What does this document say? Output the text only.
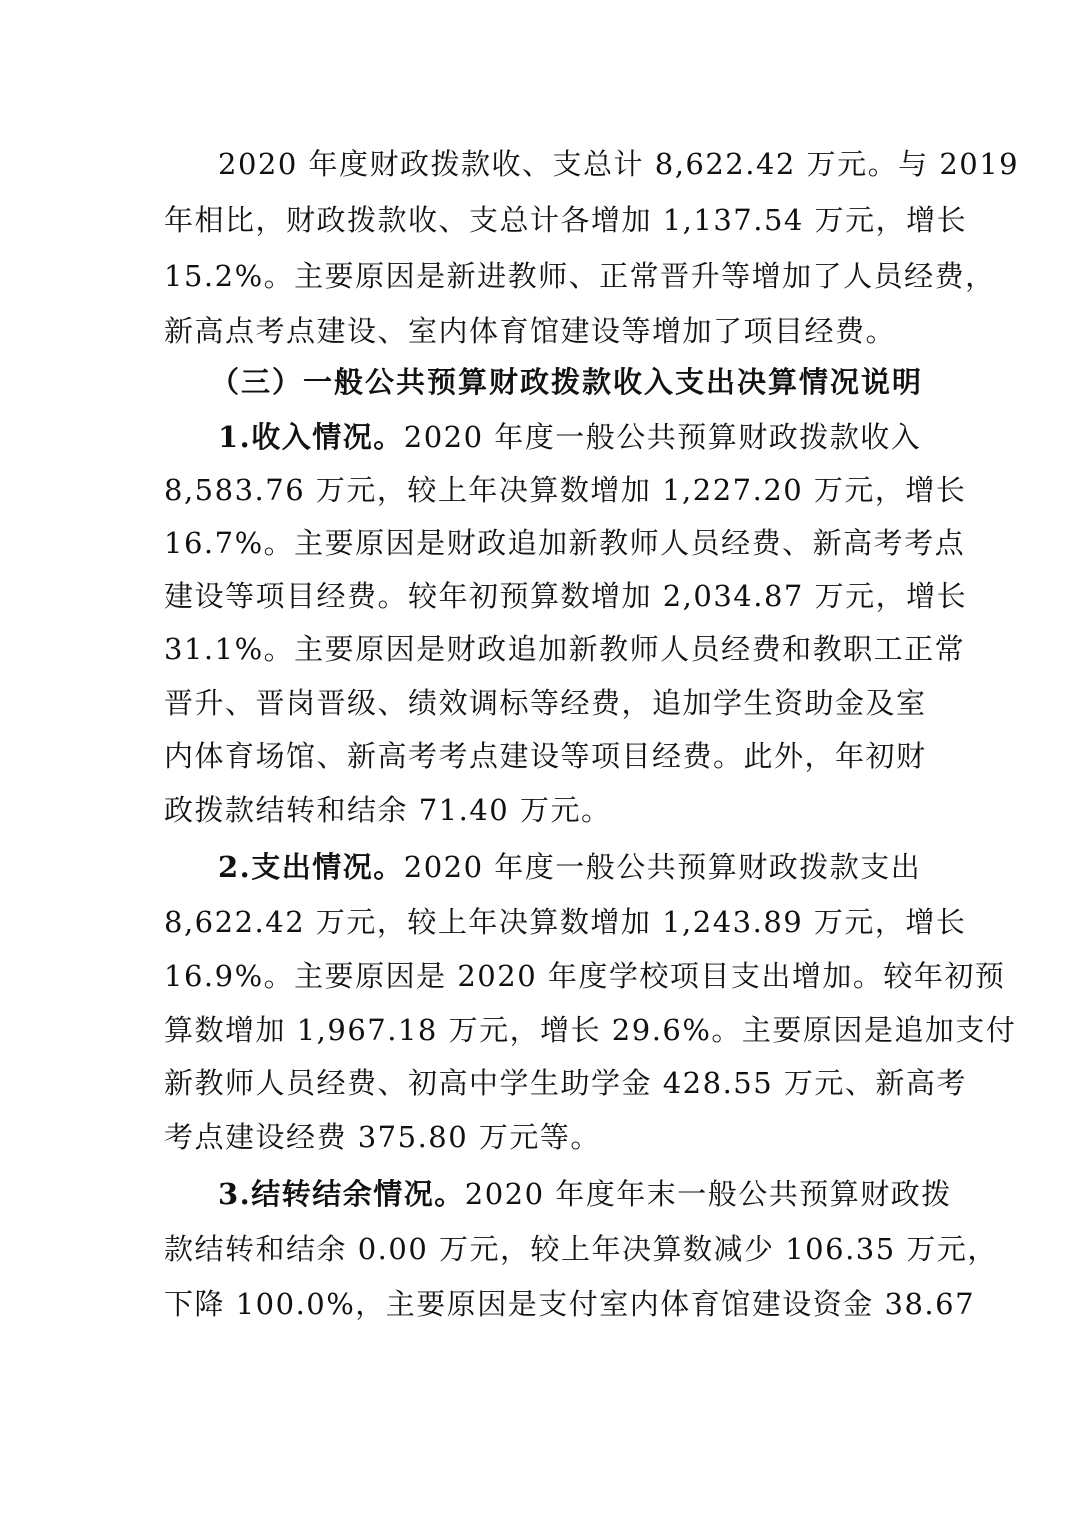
2020 年度财政拨款收、支总计 8,622.42 万元。与 2019
年相比，财政拨款收、支总计各增加 1,137.54 万元，增长
15.2%。主要原因是新进教师、正常晋升等增加了人员经费，
新高点考点建设、室内体育馆建设等增加了项目经费。
（三）一般公共预算财政拨款收入支出决算情况说明
1.收入情况。2020 年度一般公共预算财政拨款收入
8,583.76 万元，较上年决算数增加 1,227.20 万元，增长
16.7%。主要原因是财政追加新教师人员经费、新高考考点
建设等项目经费。较年初预算数增加 2,034.87 万元，增长
31.1%。主要原因是财政追加新教师人员经费和教职工正常
晋升、晋岗晋级、绩效调标等经费，追加学生资助金及室
内体育场馆、新高考考点建设等项目经费。此外，年初财
政拨款结转和结余 71.40 万元。
2.支出情况。2020 年度一般公共预算财政拨款支出
8,622.42 万元，较上年决算数增加 1,243.89 万元，增长
16.9%。主要原因是 2020 年度学校项目支出增加。较年初预
算数增加 1,967.18 万元，增长 29.6%。主要原因是追加支付
新教师人员经费、初高中学生助学金 428.55 万元、新高考
考点建设经费 375.80 万元等。
3.结转结余情况。2020 年度年末一般公共预算财政拨
款结转和结余 0.00 万元，较上年决算数减少 106.35 万元，
下降 100.0%，主要原因是支付室内体育馆建设资金 38.67
